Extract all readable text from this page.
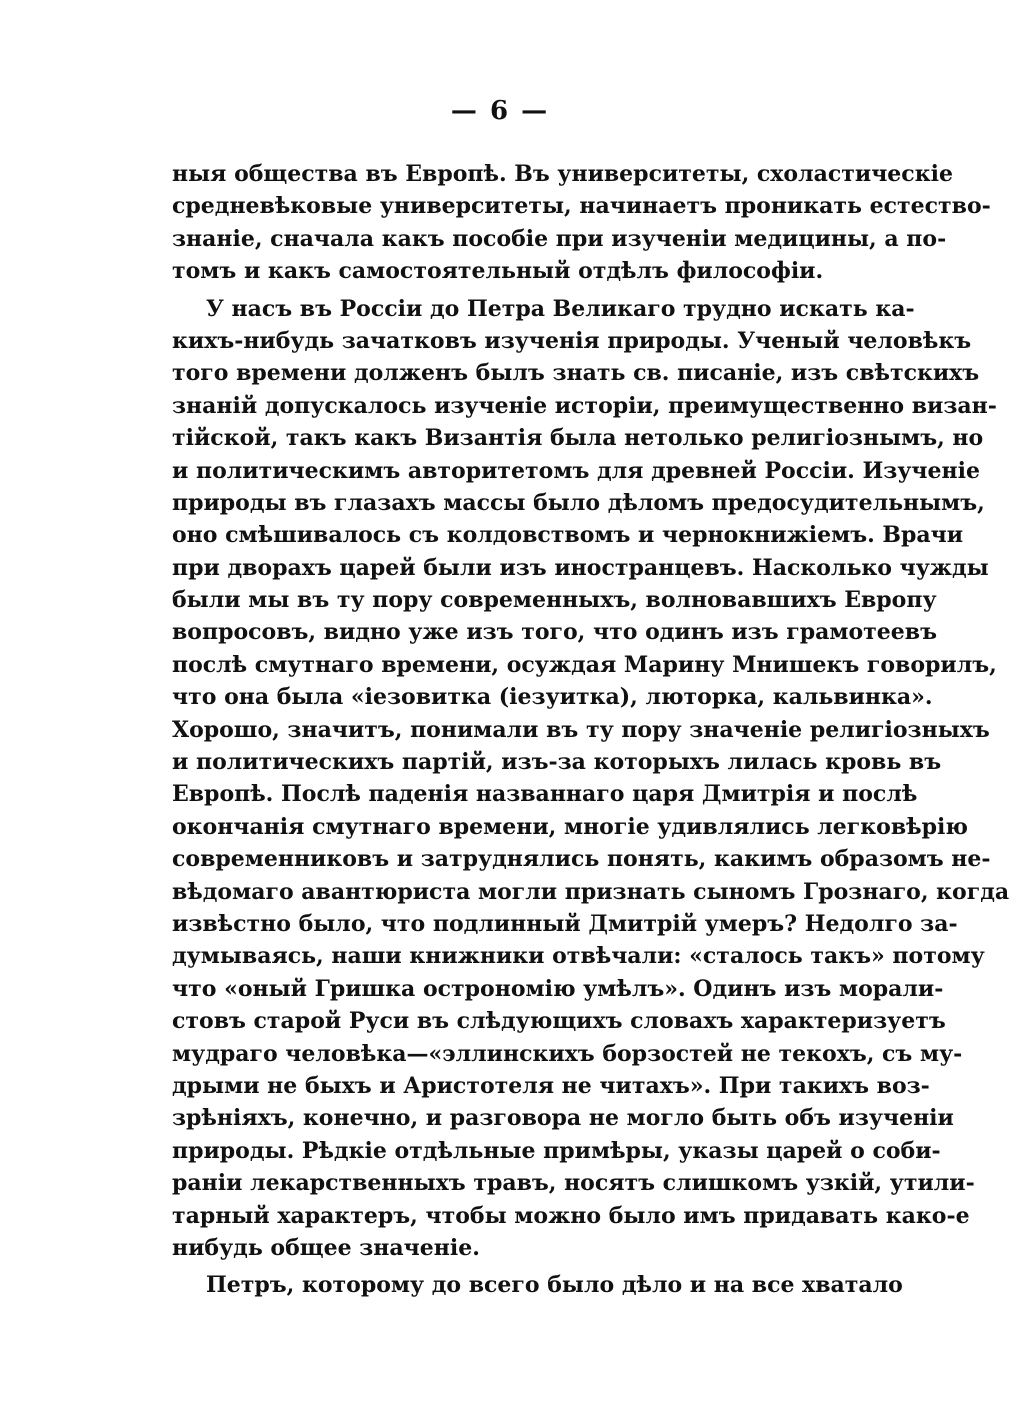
— 6 —
ныя общества въ Европѣ. Въ университеты, схоластическіе
средневѣковые университеты, начинаетъ проникать естество-
знаніе, сначала какъ пособіе при изученіи медицины, а по-
томъ и какъ самостоятельный отдѣлъ философіи.
У насъ въ Россіи до Петра Великаго трудно искать ка-
кихъ-нибудь зачатковъ изученія природы. Ученый человѣкъ
того времени долженъ былъ знать св. писаніе, изъ свѣтскихъ
знаній допускалось изученіе исторіи, преимущественно визан-
тійской, такъ какъ Византія была нетолько религіознымъ, но
и политическимъ авторитетомъ для древней Россіи. Изученіе
природы въ глазахъ массы было дѣломъ предосудительнымъ,
оно смѣшивалось съ колдовствомъ и чернокнижіемъ. Врачи
при дворахъ царей были изъ иностранцевъ. Насколько чужды
были мы въ ту пору современныхъ, волновавшихъ Европу
вопросовъ, видно уже изъ того, что одинъ изъ грамотеевъ
послѣ смутнаго времени, осуждая Марину Мнишекъ говорилъ,
что она была «іезовитка (іезуитка), люторка, кальвинка».
Хорошо, значитъ, понимали въ ту пору значеніе религіозныхъ
и политическихъ партій, изъ-за которыхъ лилась кровь въ
Европѣ. Послѣ паденія названнаго царя Дмитрія и послѣ
окончанія смутнаго времени, многіе удивлялись легковѣрію
современниковъ и затруднялись понять, какимъ образомъ не-
вѣдомаго авантюриста могли признать сыномъ Грознаго, когда
извѣстно было, что подлинный Дмитрій умеръ? Недолго за-
думываясь, наши книжники отвѣчали: «сталось такъ» потому
что «оный Гришка острономію умѣлъ». Одинъ изъ морали-
стовъ старой Руси въ слѣдующихъ словахъ характеризуетъ
мудраго человѣка—«эллинскихъ борзостей не текохъ, съ му-
дрыми не быхъ и Аристотеля не читахъ». При такихъ воз-
зрѣніяхъ, конечно, и разговора не могло быть объ изученіи
природы. Рѣдкіе отдѣльные примѣры, указы царей о соби-
раніи лекарственныхъ травъ, носятъ слишкомъ узкій, утили-
тарный характеръ, чтобы можно было имъ придавать како-е
нибудь общее значеніе.
Петръ, которому до всего было дѣло и на все хватало
